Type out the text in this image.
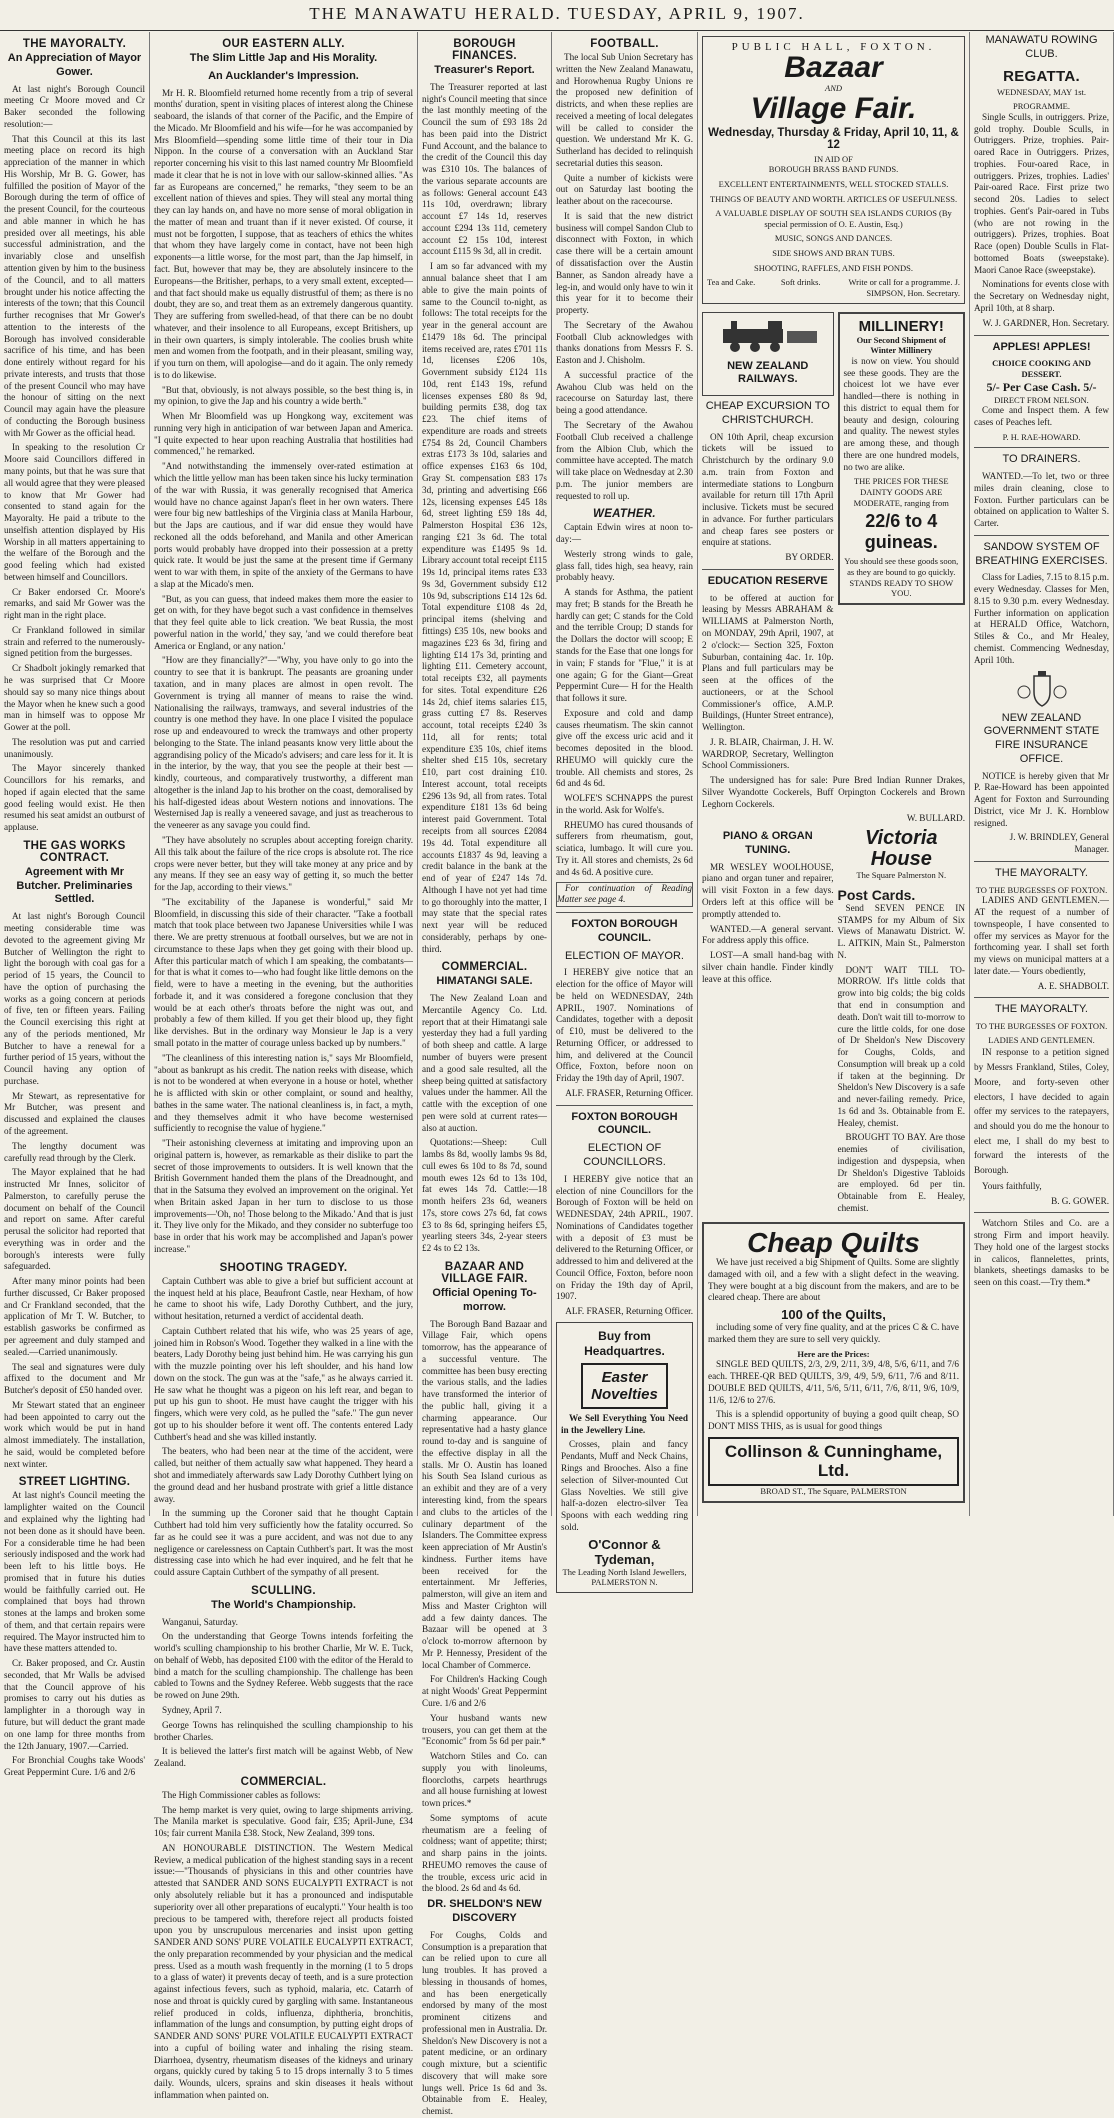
THE MANAWATU HERALD. TUESDAY, APRIL 9, 1907.
THE MAYORALTY.
An Appreciation of Mayor Gower.

At last night's Borough Council meeting Cr Moore moved and Cr Baker seconded the following resolution:—

That this Council at this its last meeting place on record its high appreciation of the manner in which His Worship, Mr B. G. Gower, has fulfilled the position of Mayor of the Borough during the term of office of the present Council, for the courteous and able manner in which he has presided over all meetings, his able successful administration, and the invariably close and unselfish attention given by him to the business of the Council, and to all matters brought under his notice affecting the interests of the town; that this Council further recognises that Mr Gower's attention to the interests of the Borough has involved considerable sacrifice of his time, and has been done entirely without regard for his private interests, and trusts that those of the present Council who may have the honour of sitting on the next Council may again have the pleasure of conducting the Borough business with Mr Gower as the official head.

In speaking to the resolution Cr Moore said Councillors differed in many points, but that he was sure that all would agree that they were pleased to know that Mr Gower had consented to stand again for the Mayoralty. He paid a tribute to the unselfish attention displayed by His Worship in all matters appertaining to the welfare of the Borough and the good feeling which had existed between himself and Councillors.

Cr Baker endorsed Cr. Moore's remarks, and said Mr Gower was the right man in the right place.

Cr Frankland followed in similar strain and referred to the numerously-signed petition from the burgesses.

Cr Shadbolt jokingly remarked that he was surprised that Cr Moore should say so many nice things about the Mayor when he knew such a good man in himself was to oppose Mr Gower at the poll.

The resolution was put and carried unanimously.

The Mayor sincerely thanked Councillors for his remarks, and hoped if again elected that the same good feeling would exist. He then resumed his seat amidst an outburst of applause.

THE GAS WORKS CONTRACT.
Agreement with Mr Butcher. Preliminaries Settled.

At last night's Borough Council meeting considerable time was devoted to the agreement giving Mr Butcher of Wellington the right to light the borough with coal gas for a period of 15 years, the Council to have the option of purchasing the works as a going concern at periods of five, ten or fifteen years. Failing the Council exercising this right at any of the periods mentioned, Mr Butcher to have a renewal for a further period of 15 years, without the Council having any option of purchase.

Mr Stewart, as representative for Mr Butcher, was present and discussed and explained the clauses of the agreement.

The lengthy document was carefully read through by the Clerk.

The Mayor explained that he had instructed Mr Innes, solicitor of Palmerston, to carefully peruse the document on behalf of the Council and report on same. After careful perusal the solicitor had reported that everything was in order and the borough's interests were fully safeguarded.

After many minor points had been further discussed, Cr Baker proposed and Cr Frankland seconded, that the application of Mr T. W. Butcher, to establish gasworks be confirmed as per agreement and duly stamped and sealed.—Carried unanimously.

The seal and signatures were duly affixed to the document and Mr Butcher's deposit of £50 handed over.

Mr Stewart stated that an engineer had been appointed to carry out the work which would be put in hand almost immediately. The installation, he said, would be completed before next winter.

STREET LIGHTING.

At last night's Council meeting the lamplighter waited on the Council and explained why the lighting had not been done as it should have been. For a considerable time he had been seriously indisposed and the work had been left to his little boys. He promised that in future his duties would be faithfully carried out. He complained that boys had thrown stones at the lamps and broken some of them, and that certain repairs were required. The Mayor instructed him to have these matters attended to.

Cr. Baker proposed, and Cr. Austin seconded, that Mr Walls be advised that the Council approve of his promises to carry out his duties as lamplighter in a thorough way in future, but will deduct the grant made on one lamp for three months from the 12th January, 1907.—Carried.

For Bronchial Coughs take Woods' Great Peppermint Cure. 1/6 and 2/6

OUR EASTERN ALLY.
The Slim Little Jap and His Morality.
An Aucklander's Impression.

Mr H. R. Bloomfield returned home recently from a trip of several months' duration, spent in visiting places of interest along the Chinese seaboard, the islands of that corner of the Pacific, and the Empire of the Micado. Mr Bloomfield and his wife—for he was accompanied by Mrs Bloomfield—spending some little time of their tour in Dia Nippon. In the course of a conversation with an Auckland Star reporter concerning his visit to this last named country Mr Bloomfield made it clear that he is not in love with our sallow-skinned allies. "As far as Europeans are concerned," he remarks, "they seem to be an excellent nation of thieves and spies. They will steal any mortal thing they can lay hands on, and have no more sense of moral obligation in the matter of mean and truant than if it never existed. Of course, it must not be forgotten, I suppose, that as teachers of ethics the whites that whom they have largely come in contact, have not been high exponents—a little worse, for the most part, than the Jap himself, in fact. But, however that may be, they are absolutely insincere to the Europeans—the Britisher, perhaps, to a very small extent, excepted—and that fact should make us equally distrustful of them; as there is no doubt, they are so, and treat them as an extremely dangerous quantity. They are suffering from swelled-head, of that there can be no doubt whatever, and their insolence to all Europeans, except Britishers, up in their own quarters, is simply intolerable. The coolies brush white men and women from the footpath, and in their pleasant, smiling way, if you turn on them, will apologise—and do it again. The only remedy is to do likewise.

"But that, obviously, is not always possible, so the best thing is, in my opinion, to give the Jap and his country a wide berth."

When Mr Bloomfield was up Hongkong way, excitement was running very high in anticipation of war between Japan and America. "I quite expected to hear upon reaching Australia that hostilities had commenced," he remarked.

"And notwithstanding the immensely over-rated estimation at which the little yellow man has been taken since his lucky termination of the war with Russia, it was generally recognised that America would have no chance against Japan's fleet in her own waters. There were four big new battleships of the Virginia class at Manila Harbour, but the Japs are cautious, and if war did ensue they would have reckoned all the odds beforehand, and Manila and other American ports would probably have dropped into their possession at a pretty quick rate. It would be just the same at the present time if Germany went to war with them, in spite of the anxiety of the Germans to have a slap at the Micado's men.

"But, as you can guess, that indeed makes them more the easier to get on with, for they have begot such a vast confidence in themselves that they feel quite able to lick creation. 'We beat Russia, the most powerful nation in the world,' they say, 'and we could therefore beat America or England, or any nation.'

"How are they financially?"—"Why, you have only to go into the country to see that it is bankrupt. The peasants are groaning under taxation, and in many places are almost in open revolt. The Government is trying all manner of means to raise the wind. Nationalising the railways, tramways, and several industries of the country is one method they have. In one place I visited the populace rose up and endeavoured to wreck the tramways and other property belonging to the State. The inland peasants know very little about the aggrandising policy of the Micado's advisers; and care less for it. It is in the interior, by the way, that you see the people at their best — kindly, courteous, and comparatively trustworthy, a different man altogether is the inland Jap to his brother on the coast, demoralised by his half-digested ideas about Western notions and innovations. The Westernised Jap is really a veneered savage, and just as treacherous to the veneerer as any savage you could find.

"They have absolutely no scruples about accepting foreign charity. All this talk about the failure of the rice crops is absolute rot. The rice crops were never better, but they will take money at any price and by any means. If they see an easy way of getting it, so much the better for the Jap, according to their views."

"The excitability of the Japanese is wonderful," said Mr Bloomfield, in discussing this side of their character. "Take a football match that took place between two Japanese Universities while I was there. We are pretty strenuous at football ourselves, but we are not in circumstance to these Japs when they get going with their blood up. After this particular match of which I am speaking, the combatants—for that is what it comes to—who had fought like little demons on the field, were to have a meeting in the evening, but the authorities forbade it, and it was considered a foregone conclusion that they would be at each other's throats before the night was out, and probably a few of them killed. If you get their blood up, they fight like dervishes. But in the ordinary way Monsieur le Jap is a very small potato in the matter of courage unless backed up by numbers."

"The cleanliness of this interesting nation is," says Mr Bloomfield, "about as bankrupt as his credit. The nation reeks with disease, which is not to be wondered at when everyone in a house or hotel, whether he is afflicted with skin or other complaint, or sound and healthy, bathes in the same water. The national cleanliness is, in fact, a myth, and they themselves admit it who have become westernised sufficiently to recognise the value of hygiene."

"Their astonishing cleverness at imitating and improving upon an original pattern is, however, as remarkable as their dislike to part the secret of those improvements to outsiders. It is well known that the British Government handed them the plans of the Dreadnought, and that in the Satsuma they evolved an improvement on the original. Yet when Britain asked Japan in her turn to disclose to us those improvements—'Oh, no! Those belong to the Mikado.' And that is just it. They live only for the Mikado, and they consider no subterfuge too base in order that his work may be accomplished and Japan's power increase."

SHOOTING TRAGEDY.

Captain Cuthbert was able to give a brief but sufficient account at the inquest held at his place, Beaufront Castle, near Hexham, of how he came to shoot his wife, Lady Dorothy Cuthbert, and the jury, without hesitation, returned a verdict of accidental death.

Captain Cuthbert related that his wife, who was 25 years of age, joined him in Robson's Wood. Together they walked in a line with the beaters, Lady Dorothy being just behind him. He was carrying his gun with the muzzle pointing over his left shoulder, and his hand low down on the stock. The gun was at the "safe," as he always carried it. He saw what he thought was a pigeon on his left rear, and began to put up his gun to shoot. He must have caught the trigger with his fingers, which were very cold, as he pulled the "safe." The gun never got up to his shoulder before it went off. The contents entered Lady Cuthbert's head and she was killed instantly.

The beaters, who had been near at the time of the accident, were called, but neither of them actually saw what happened. They heard a shot and immediately afterwards saw Lady Dorothy Cuthbert lying on the ground dead and her husband prostrate with grief a little distance away.

In the summing up the Coroner said that he thought Captain Cuthbert had told him very sufficiently how the fatality occurred. So far as he could see it was a pure accident, and was not due to any negligence or carelessness on Captain Cuthbert's part. It was the most distressing case into which he had ever inquired, and he felt that he could assure Captain Cuthbert of the sympathy of all present.

SCULLING.
The World's Championship.

Wanganui, Saturday.

On the understanding that George Towns intends forfeiting the world's sculling championship to his brother Charlie, Mr W. E. Tuck, on behalf of Webb, has deposited £100 with the editor of the Herald to bind a match for the sculling championship. The challenge has been cabled to Towns and the Sydney Referee. Webb suggests that the race be rowed on June 29th.

Sydney, April 7.

George Towns has relinquished the sculling championship to his brother Charles.

It is believed the latter's first match will be against Webb, of New Zealand.

COMMERCIAL.

The High Commissioner cables as follows:

The hemp market is very quiet, owing to large shipments arriving. The Manila market is speculative. Good fair, £35; April-June, £34 10s; fair current Manila £38. Stock, New Zealand, 399 tons.

AN HONOURABLE DISTINCTION. The Western Medical Review, a medical publication of the highest standing says in a recent issue:—"Thousands of physicians in this and other countries have attested that SANDER AND SONS EUCALYPTI EXTRACT is not only absolutely reliable but it has a pronounced and indisputable superiority over all other preparations of eucalypti." Your health is too precious to be tampered with, therefore reject all products foisted upon you by unscrupulous mercenaries and insist upon getting SANDER AND SONS' PURE VOLATILE EUCALYPTI EXTRACT, the only preparation recommended by your physician and the medical press. Used as a mouth wash frequently in the morning (1 to 5 drops to a glass of water) it prevents decay of teeth, and is a sure protection against infectious fevers, such as typhoid, malaria, etc. Catarrh of nose and throat is quickly cured by gargling with same. Instantaneous relief produced in colds, influenza, diphtheria, bronchitis, inflammation of the lungs and consumption, by putting eight drops of SANDER AND SONS' PURE VOLATILE EUCALYPTI EXTRACT into a cupful of boiling water and inhaling the rising steam. Diarrhoea, dysentry, rheumatism diseases of the kidneys and urinary organs, quickly cured by taking 5 to 15 drops internally 3 to 5 times daily. Wounds, ulcers, sprains and skin diseases it heals without inflammation when painted on.

BOROUGH FINANCES.
Treasurer's Report.

The Treasurer reported at last night's Council meeting that since the last monthly meeting of the Council the sum of £93 18s 2d has been paid into the District Fund Account, and the balance to the credit of the Council this day was £310 10s. The balances of the various separate accounts are as follows: General account £43 11s 10d, overdrawn; library account £7 14s 1d, reserves account £294 13s 11d, cemetery account £2 15s 10d, interest account £115 9s 3d, all in credit.

I am so far advanced with my annual balance sheet that I am able to give the main points of same to the Council to-night, as follows: The total receipts for the year in the general account are £1479 18s 6d. The principal items received are, rates £701 11s 1d, licenses £206 10s, Government subsidy £124 11s 10d, rent £143 19s, refund licenses expenses £80 8s 9d, building permits £38, dog tax £23. The chief items of expenditure are roads and streets £754 8s 2d, Council Chambers extras £173 3s 10d, salaries and office expenses £163 6s 10d, Gray St. compensation £83 17s 3d, printing and advertising £66 12s, licensing expenses £45 18s 6d, street lighting £59 18s 4d, Palmerston Hospital £36 12s, ranging £21 3s 6d. The total expenditure was £1495 9s 1d. Library account total receipt £115 19s 1d, principal items rates £33 9s 3d, Government subsidy £12 10s 9d, subscriptions £14 12s 6d. Total expenditure £108 4s 2d, principal items (shelving and fittings) £35 10s, new books and magazines £23 6s 3d, firing and lighting £14 17s 3d, printing and lighting £11. Cemetery account, total receipts £32, all payments for sites. Total expenditure £26 14s 2d, chief items salaries £15, grass cutting £7 8s. Reserves account, total receipts £240 3s 11d, all for rents; total expenditure £35 10s, chief items shelter shed £15 10s, secretary £10, part cost draining £10. Interest account, total receipts £296 13s 9d, all from rates. Total expenditure £181 13s 6d being interest paid Government. Total receipts from all sources £2084 19s 4d. Total expenditure all accounts £1837 4s 9d, leaving a credit balance in the bank at the end of year of £247 14s 7d. Although I have not yet had time to go thoroughly into the matter, I may state that the special rates next year will be reduced considerably, perhaps by one-third.

COMMERCIAL.
HIMATANGI SALE.

The New Zealand Loan and Mercantile Agency Co. Ltd. report that at their Himatangi sale yesterday they had a full yarding of both sheep and cattle. A large number of buyers were present and a good sale resulted, all the sheep being quitted at satisfactory values under the hammer. All the cattle with the exception of one pen were sold at current rates—also at auction.

Quotations:—Sheep: Cull lambs 8s 8d, woolly lambs 9s 8d, cull ewes 6s 10d to 8s 7d, sound mouth ewes 12s 6d to 13s 10d, fat ewes 14s 7d. Cattle:—18 month heifers 23s 6d, weaners 17s, store cows 27s 6d, fat cows £3 to 8s 6d, springing heifers £5, yearling steers 34s, 2-year steers £2 4s to £2 13s.

BAZAAR AND VILLAGE FAIR.
Official Opening To-morrow.

The Borough Band Bazaar and Village Fair, which opens tomorrow, has the appearance of a successful venture. The committee has been busy erecting the various stalls, and the ladies have transformed the interior of the public hall, giving it a charming appearance. Our representative had a hasty glance round to-day and is sanguine of the effective display in all the stalls. Mr O. Austin has loaned his South Sea Island curious as an exhibit and they are of a very interesting kind, from the spears and clubs to the articles of the culinary department of the Islanders. The Committee express keen appreciation of Mr Austin's kindness. Further items have been received for the entertainment. Mr Jefferies, palmerston, will give an item and Miss and Master Crighton will add a few dainty dances. The Bazaar will be opened at 3 o'clock to-morrow afternoon by Mr P. Hennessy, President of the local Chamber of Commerce.

For Children's Hacking Cough at night Woods' Great Peppermint Cure. 1/6 and 2/6

Your husband wants new trousers, you can get them at the "Economic" from 5s 6d per pair.*

Watchorn Stiles and Co. can supply you with linoleums, floorcloths, carpets hearthrugs and all house furnishing at lowest town prices.*

Some symptoms of acute rheumatism are a feeling of coldness; want of appetite; thirst; and sharp pains in the joints. RHEUMO removes the cause of the trouble, excess uric acid in the blood. 2s 6d and 4s 6d.

DR. SHELDON'S NEW DISCOVERY

For Coughs, Colds and Consumption is a preparation that can be relied upon to cure all lung troubles. It has proved a blessing in thousands of homes, and has been energetically endorsed by many of the most prominent citizens and professional men in Australia. Dr. Sheldon's New Discovery is not a patent medicine, or an ordinary cough mixture, but a scientific discovery that will make sore lungs well. Price 1s 6d and 3s. Obtainable from E. Healey, chemist.

FOOTBALL.

The local Sub Union Secretary has written the New Zealand Manawatu, and Horowhenua Rugby Unions re the proposed new definition of districts, and when these replies are received a meeting of local delegates will be called to consider the question. We understand Mr K. G. Sutherland has decided to relinquish secretarial duties this season.

Quite a number of kickists were out on Saturday last booting the leather about on the racecourse.

It is said that the new district business will compel Sandon Club to disconnect with Foxton, in which case there will be a certain amount of dissatisfaction over the Austin Banner, as Sandon already have a leg-in, and would only have to win it this year for it to become their property.

The Secretary of the Awahou Football Club acknowledges with thanks donations from Messrs F. S. Easton and J. Chisholm.

A successful practice of the Awahou Club was held on the racecourse on Saturday last, there being a good attendance.

The Secretary of the Awahou Football Club received a challenge from the Albion Club, which the committee have accepted. The match will take place on Wednesday at 2.30 p.m. The junior members are requested to roll up.

WEATHER.

Captain Edwin wires at noon to-day:—

Westerly strong winds to gale, glass fall, tides high, sea heavy, rain probably heavy.

A stands for Asthma, the patient may fret; B stands for the Breath he hardly can get; C stands for the Cold and the terrible Croup; D stands for the Dollars the doctor will scoop; E stands for the Ease that one longs for in vain; F stands for "Flue," it is at one again; G for the Giant—Great Peppermint Cure— H for the Health that follows it sure.

Exposure and cold and damp causes rheumatism. The skin cannot give off the excess uric acid and it becomes deposited in the blood. RHEUMO will quickly cure the trouble. All chemists and stores, 2s 6d and 4s 6d.

WOLFE'S SCHNAPPS the purest in the world. Ask for Wolfe's.

RHEUMO has cured thousands of sufferers from rheumatism, gout, sciatica, lumbago. It will cure you. Try it. All stores and chemists, 2s 6d and 4s 6d. A positive cure.

For continuation of Reading Matter see page 4.

FOXTON BOROUGH COUNCIL.
ELECTION OF MAYOR.

I HEREBY give notice that an election for the office of Mayor will be held on WEDNESDAY, 24th APRIL, 1907. Nominations of Candidates, together with a deposit of £10, must be delivered to the Returning Officer, or addressed to him, and delivered at the Council Office, Foxton, before noon on Friday the 19th day of April, 1907.

ALF. FRASER, Returning Officer.

FOXTON BOROUGH COUNCIL.
ELECTION OF COUNCILLORS.

I HEREBY give notice that an election of nine Councillors for the Borough of Foxton will be held on WEDNESDAY, 24th APRIL, 1907. Nominations of Candidates together with a deposit of £3 must be delivered to the Returning Officer, or addressed to him and delivered at the Council Office, Foxton, before noon on Friday the 19th day of April, 1907.

ALF. FRASER, Returning Officer.

Buy from Headquartres.
Easter Novelties

We Sell Everything You Need in the Jewellery Line.

Crosses, plain and fancy Pendants, Muff and Neck Chains, Rings and Brooches. Also a fine selection of Silver-mounted Cut Glass Novelties. We still give half-a-dozen electro-silver Tea Spoons with each wedding ring sold.

O'Connor & Tydeman,
The Leading North Island Jewellers, PALMERSTON N.
PUBLIC HALL, FOXTON.
Bazaar
AND
Village Fair.
Wednesday, Thursday & Friday, April 10, 11, & 12
IN AID OF
BOROUGH BRASS BAND FUNDS.
EXCELLENT ENTERTAINMENTS, WELL STOCKED STALLS.
THINGS OF BEAUTY AND WORTH. ARTICLES OF USEFULNESS.
A VALUABLE DISPLAY OF SOUTH SEA ISLANDS CURIOS (By special permission of O. E. Austin, Esq.)
MUSIC, SONGS AND DANCES.
SIDE SHOWS AND BRAN TUBS.
SHOOTING, RAFFLES, AND FISH PONDS.
Tea and Cake.	Soft drinks.	Write or call for a programme. J. SIMPSON, Hon. Secretary.
NEW ZEALAND RAILWAYS.
CHEAP EXCURSION TO CHRISTCHURCH.

ON 10th April, cheap excursion tickets will be issued to Christchurch by the ordinary 9.0 a.m. train from Foxton and intermediate stations to Longburn available for return till 17th April inclusive. Tickets must be secured in advance. For further particulars and cheap fares see posters or enquire at stations.

BY ORDER.

EDUCATION RESERVE

to be offered at auction for leasing by Messrs ABRAHAM & WILLIAMS at Palmerston North, on MONDAY, 29th April, 1907, at 2 o'clock:— Section 325, Foxton Suburban, containing 4ac. 1r. 10p. Plans and full particulars may be seen at the offices of the auctioneers, or at the School Commissioner's office, A.M.P. Buildings, (Hunter Street entrance), Wellington.

J. R. BLAIR, Chairman, J. H. W. WARDROP, Secretary, Wellington School Commissioners.

MILLINERY!
Our Second Shipment of Winter Millinery

is now on view. You should see these goods. They are the choicest lot we have ever handled—there is nothing in this district to equal them for beauty and design, colouring and quality. The newest styles are among these, and though there are one hundred models, no two are alike.

THE PRICES FOR THESE DAINTY GOODS ARE MODERATE, ranging from
22/6 to 4 guineas.
You should see these goods soon, as they are bound to go quickly. STANDS READY TO SHOW YOU.

The undersigned has for sale: Pure Bred Indian Runner Drakes, Silver Wyandotte Cockerels, Buff Orpington Cockerels and Brown Leghorn Cockerels.

W. BULLARD.

PIANO & ORGAN TUNING.

MR WESLEY WOOLHOUSE, piano and organ tuner and repairer, will visit Foxton in a few days. Orders left at this office will be promptly attended to.

WANTED.—A general servant. For address apply this office.

LOST—A small hand-bag with silver chain handle. Finder kindly leave at this office.

Victoria House
The Square Palmerston N.
Post Cards.

Send SEVEN PENCE IN STAMPS for my Album of Six Views of Manawatu District. W. L. AITKIN, Main St., Palmerston N.

DON'T WAIT TILL TO-MORROW. If's little colds that grow into big colds; the big colds that end in consumption and death. Don't wait till to-morrow to cure the little colds, for one dose of Dr Sheldon's New Discovery for Coughs, Colds, and Consumption will break up a cold if taken at the beginning. Dr Sheldon's New Discovery is a safe and never-failing remedy. Price, 1s 6d and 3s. Obtainable from E. Healey, chemist.

BROUGHT TO BAY. Are those enemies of civilisation, indigestion and dyspepsia, when Dr Sheldon's Digestive Tabloids are employed. 6d per tin. Obtainable from E. Healey, chemist.

Cheap Quilts

We have just received a big Shipment of Quilts. Some are slightly damaged with oil, and a few with a slight defect in the weaving. They were bought at a big discount from the makers, and are to be cleared cheap. There are about

100 of the Quilts,

including some of very fine quality, and at the prices C & C. have marked them they are sure to sell very quickly.

Here are the Prices:

SINGLE BED QUILTS, 2/3, 2/9, 2/11, 3/9, 4/8, 5/6, 6/11, and 7/6 each. THREE-QR BED QUILTS, 3/9, 4/9, 5/9, 6/11, 7/6 and 8/11. DOUBLE BED QUILTS, 4/11, 5/6, 5/11, 6/11, 7/6, 8/11, 9/6, 10/9, 11/6, 12/6 to 27/6.

This is a splendid opportunity of buying a good quilt cheap, SO DON'T MISS THIS, as is usual for good things

Collinson & Cunninghame, Ltd.
BROAD ST., The Square, PALMERSTON
MANAWATU ROWING CLUB.
REGATTA.
WEDNESDAY, MAY 1st.
PROGRAMME.

Single Sculls, in outriggers. Prize, gold trophy. Double Sculls, in Outriggers. Prize, trophies. Pair-oared Race in Outriggers. Prizes, trophies. Four-oared Race, in outriggers. Prizes, trophies. Ladies' Pair-oared Race. First prize two second 20s. Ladies to select trophies. Gent's Pair-oared in Tubs (who are not rowing in the outriggers). Prizes, trophies. Boat Race (open) Double Sculls in Flat-bottomed Boats (sweepstake). Maori Canoe Race (sweepstake).

Nominations for events close with the Secretary on Wednesday night, April 10th, at 8 sharp.

W. J. GARDNER, Hon. Secretary.

APPLES! APPLES!
CHOICE COOKING AND DESSERT.
5/- Per Case Cash. 5/-
DIRECT FROM NELSON.

Come and Inspect them. A few cases of Peaches left.

P. H. RAE-HOWARD.
TO DRAINERS.

WANTED.—To let, two or three miles drain cleaning, close to Foxton. Further particulars can be obtained on application to Walter S. Carter.

SANDOW SYSTEM OF BREATHING EXERCISES.

Class for Ladies, 7.15 to 8.15 p.m. every Wednesday. Classes for Men, 8.15 to 9.30 p.m. every Wednesday. Further information on application at HERALD Office, Watchorn, Stiles & Co., and Mr Healey, chemist. Commencing Wednesday, April 10th.

NEW ZEALAND GOVERNMENT STATE FIRE INSURANCE OFFICE.

NOTICE is hereby given that Mr P. Rae-Howard has been appointed Agent for Foxton and Surrounding District, vice Mr J. K. Hornblow resigned.

J. W. BRINDLEY, General Manager.

THE MAYORALTY.
TO THE BURGESSES OF FOXTON.

LADIES AND GENTLEMEN.— AT the request of a number of townspeople, I have consented to offer my services as Mayor for the forthcoming year. I shall set forth my views on municipal matters at a later date.— Yours obediently,

A. E. SHADBOLT.

THE MAYORALTY.
TO THE BURGESSES OF FOXTON.
LADIES AND GENTLEMEN.

IN response to a petition signed by Messrs Frankland, Stiles, Coley, Moore, and forty-seven other electors, I have decided to again offer my services to the ratepayers, and should you do me the honour to elect me, I shall do my best to forward the interests of the Borough.

Yours faithfully,

B. G. GOWER.

Watchorn Stiles and Co. are a strong Firm and import heavily. They hold one of the largest stocks in calicos, flannelettes, prints, blankets, sheetings damasks to be seen on this coast.—Try them.*
